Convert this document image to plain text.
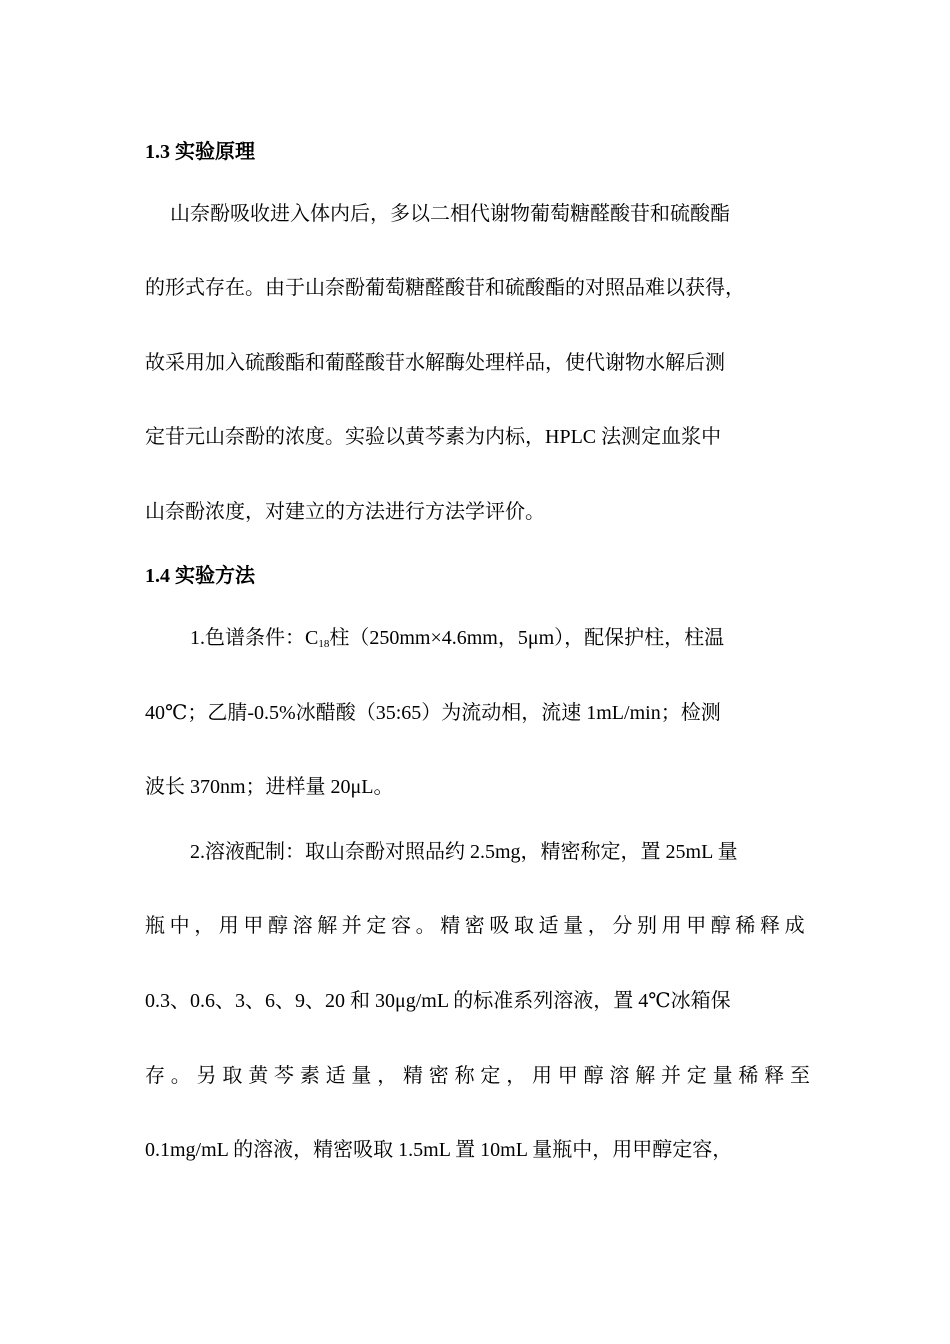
1.3 实验原理
山奈酚吸收进入体内后，多以二相代谢物葡萄糖醛酸苷和硫酸酯
的形式存在。由于山奈酚葡萄糖醛酸苷和硫酸酯的对照品难以获得，
故采用加入硫酸酯和葡醛酸苷水解酶处理样品，使代谢物水解后测
定苷元山奈酚的浓度。实验以黄芩素为内标，HPLC 法测定血浆中
山奈酚浓度，对建立的方法进行方法学评价。
1.4 实验方法
1.色谱条件：$C_{18}$柱（250mm×4.6mm，5μm），配保护柱，柱温
40℃；乙腈-0.5%冰醋酸（35:65）为流动相，流速 1mL/min；检测
波长 370nm；进样量 20μL。
2.溶液配制：取山奈酚对照品约 2.5mg，精密称定，置 25mL 量
瓶中，用甲醇溶解并定容。精密吸取适量，分别用甲醇稀释成
0.3、0.6、3、6、9、20 和 30μg/mL 的标准系列溶液，置 4℃冰箱保
存。另取黄芩素适量，精密称定，用甲醇溶解并定量稀释至
0.1mg/mL 的溶液，精密吸取 1.5mL 置 10mL 量瓶中，用甲醇定容，
